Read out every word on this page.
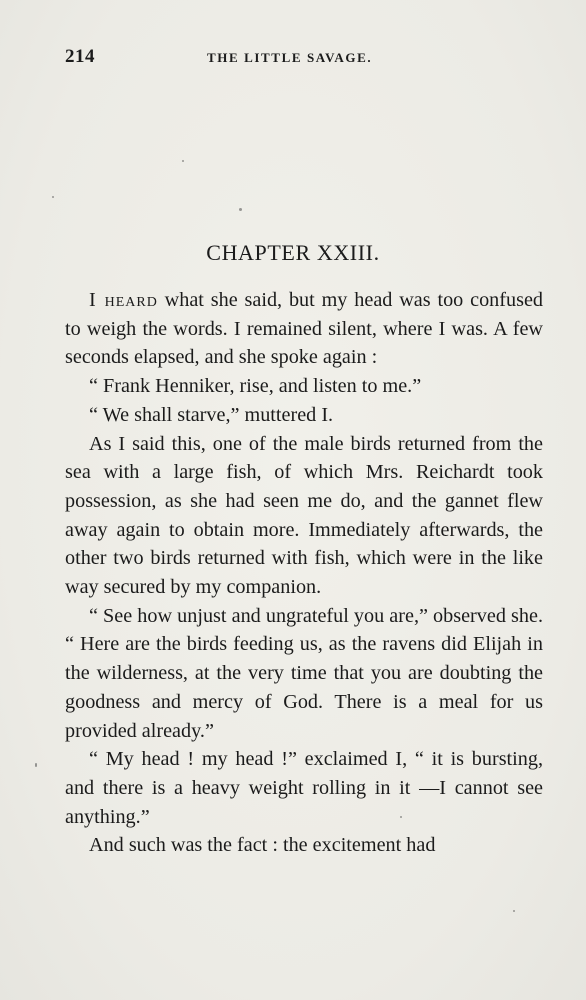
214	THE LITTLE SAVAGE.
CHAPTER XXIII.

I heard what she said, but my head was too confused to weigh the words. I remained silent, where I was. A few seconds elapsed, and she spoke again :

“ Frank Henniker, rise, and listen to me.”

“ We shall starve,” muttered I.

As I said this, one of the male birds returned from the sea with a large fish, of which Mrs. Reichardt took possession, as she had seen me do, and the gannet flew away again to obtain more. Immediately afterwards, the other two birds returned with fish, which were in the like way secured by my companion.

“ See how unjust and ungrateful you are,” observed she. “ Here are the birds feeding us, as the ravens did Elijah in the wilderness, at the very time that you are doubting the goodness and mercy of God. There is a meal for us provided already.”

“ My head ! my head !” exclaimed I, “ it is bursting, and there is a heavy weight rolling in it —I cannot see anything.”

And such was the fact : the excitement had
